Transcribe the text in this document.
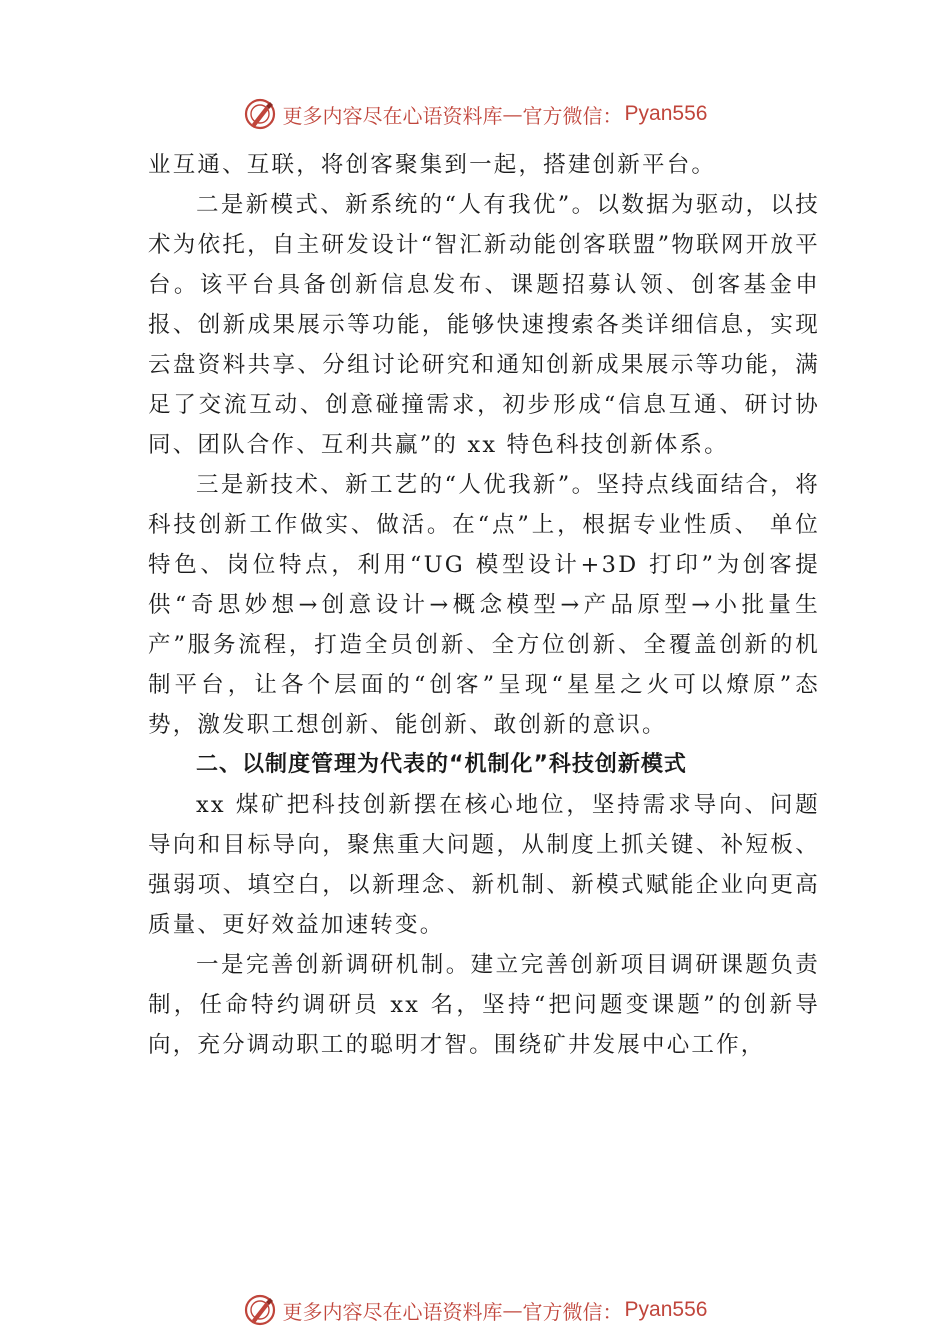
更多内容尽在心语资料库 — 官方微信： Pyan556

业互通、互联，将创客聚集到一起，搭建创新平台。

二是新模式、新系统的“人有我优”。以数据为驱动，以技术为依托，自主研发设计“智汇新动能创客联盟”物联网开放平台。该平台具备创新信息发布、课题招募认领、创客基金申报、创新成果展示等功能，能够快速搜索各类详细信息，实现云盘资料共享、分组讨论研究和通知创新成果展示等功能，满足了交流互动、创意碰撞需求，初步形成“信息互通、研讨协同、团队合作、互利共赢”的 xx 特色科技创新体系。

三是新技术、新工艺的“人优我新”。坚持点线面结合，将科技创新工作做实、做活。在“点”上，根据专业性质、 单位特色、岗位特点，利用“UG 模型设计+3D 打印”为创客提供“奇思妙想→创意设计→概念模型→产品原型→小批量生产”服务流程，打造全员创新、全方位创新、全覆盖创新的机制平台，让各个层面的“创客”呈现“星星之火可以燎原”态势，激发职工想创新、能创新、敢创新的意识。

二、以制度管理为代表的“机制化”科技创新模式

xx 煤矿把科技创新摆在核心地位，坚持需求导向、问题导向和目标导向，聚焦重大问题，从制度上抓关键、补短板、强弱项、填空白，以新理念、新机制、新模式赋能企业向更高质量、更好效益加速转变。

一是完善创新调研机制。建立完善创新项目调研课题负责制，任命特约调研员 xx 名，坚持“把问题变课题”的创新导向，充分调动职工的聪明才智。围绕矿井发展中心工作，

更多内容尽在心语资料库 — 官方微信： Pyan556
